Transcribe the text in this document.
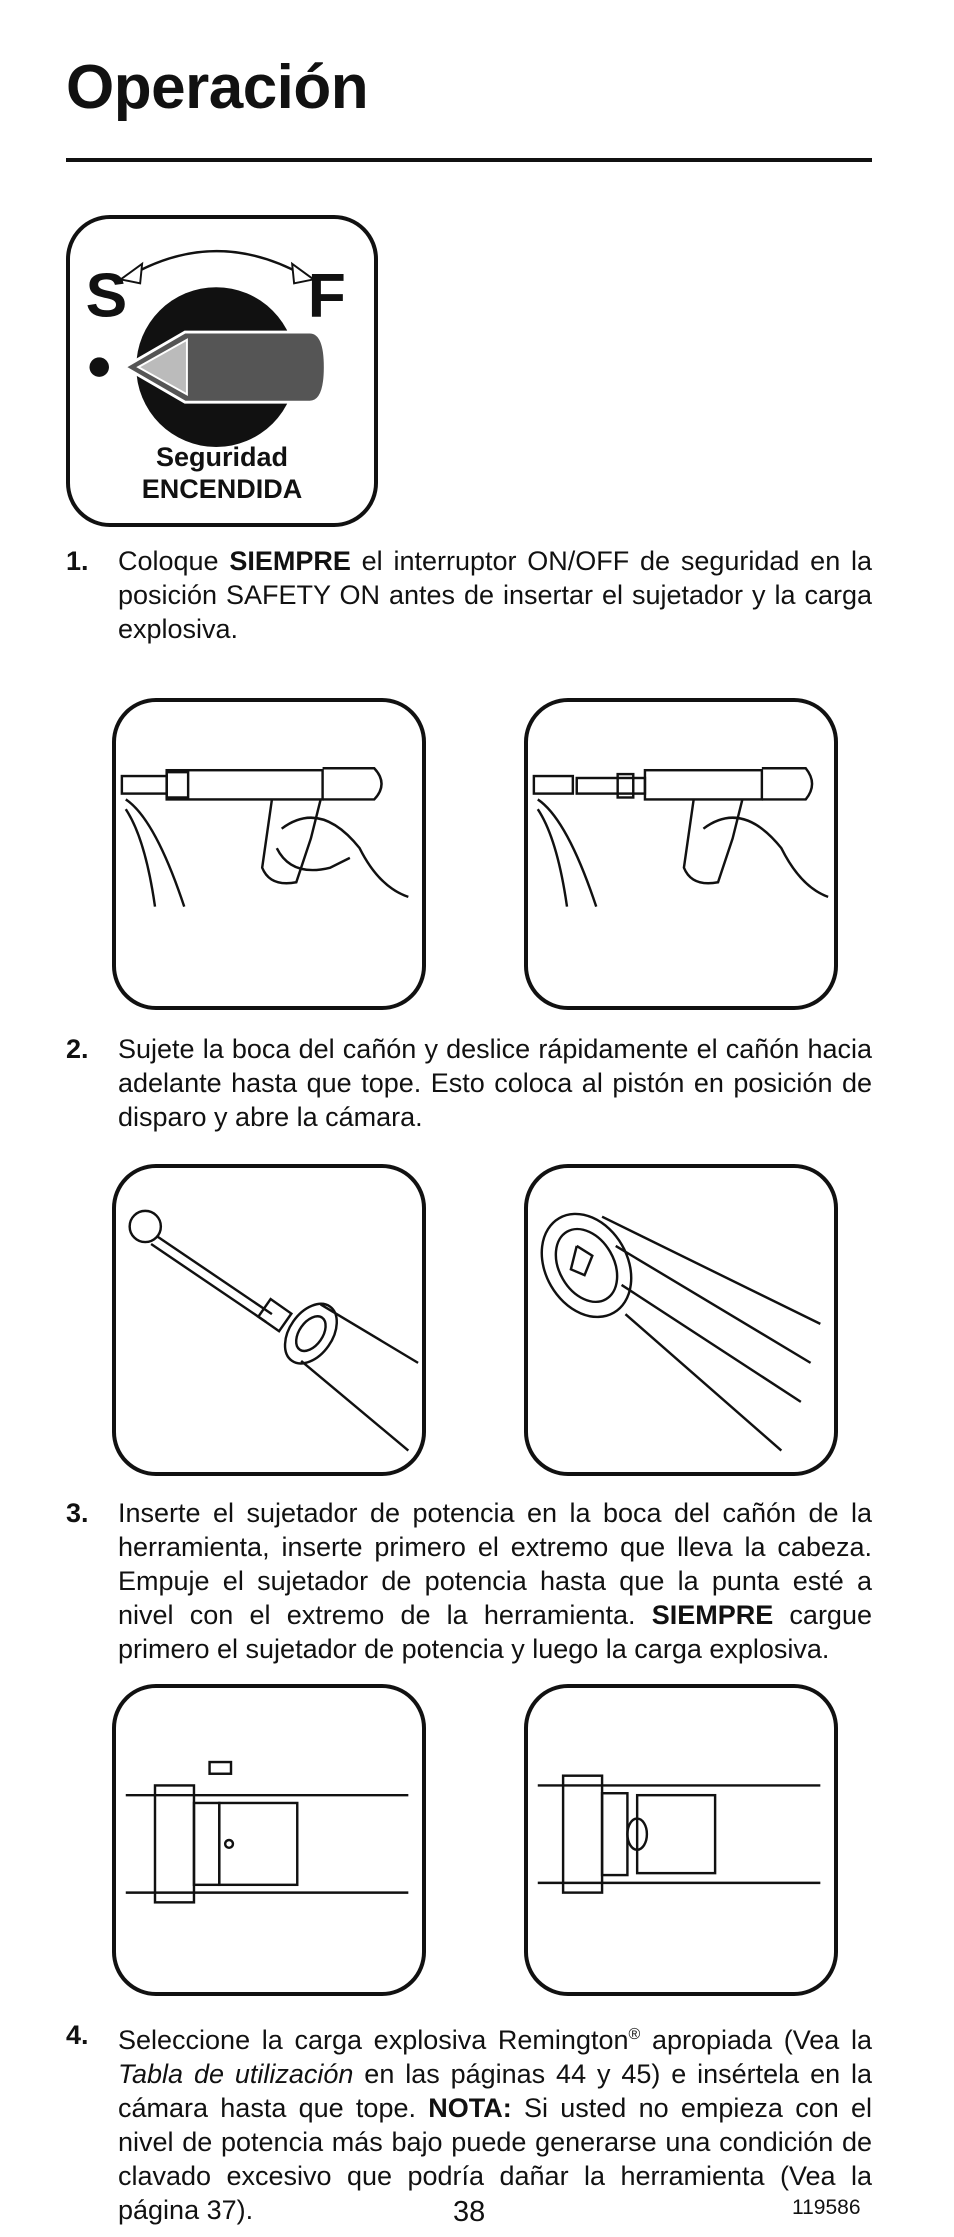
Operación
S	F
Seguridad
ENCENDIDA
1. Coloque SIEMPRE el interruptor ON/OFF de seguridad en la posición SAFETY ON antes de insertar el sujetador y la carga explosiva.
2. Sujete la boca del cañón y deslice rápidamente el cañón hacia adelante hasta que tope. Esto coloca al pistón en posición de disparo y abre la cámara.
3. Inserte el sujetador de potencia en la boca del cañón de la herramienta, inserte primero el extremo que lleva la cabeza. Empuje el sujetador de potencia hasta que la punta esté a nivel con el extremo de la herramienta. SIEMPRE cargue primero el sujetador de potencia y luego la carga explosiva.
4. Seleccione la carga explosiva Remington® apropiada (Vea la Tabla de utilización en las páginas 44 y 45) e insértela en la cámara hasta que tope. NOTA: Si usted no empieza con el nivel de potencia más bajo puede generarse una condición de clavado excesivo que podría dañar la herramienta (Vea la página 37).	38	119586
